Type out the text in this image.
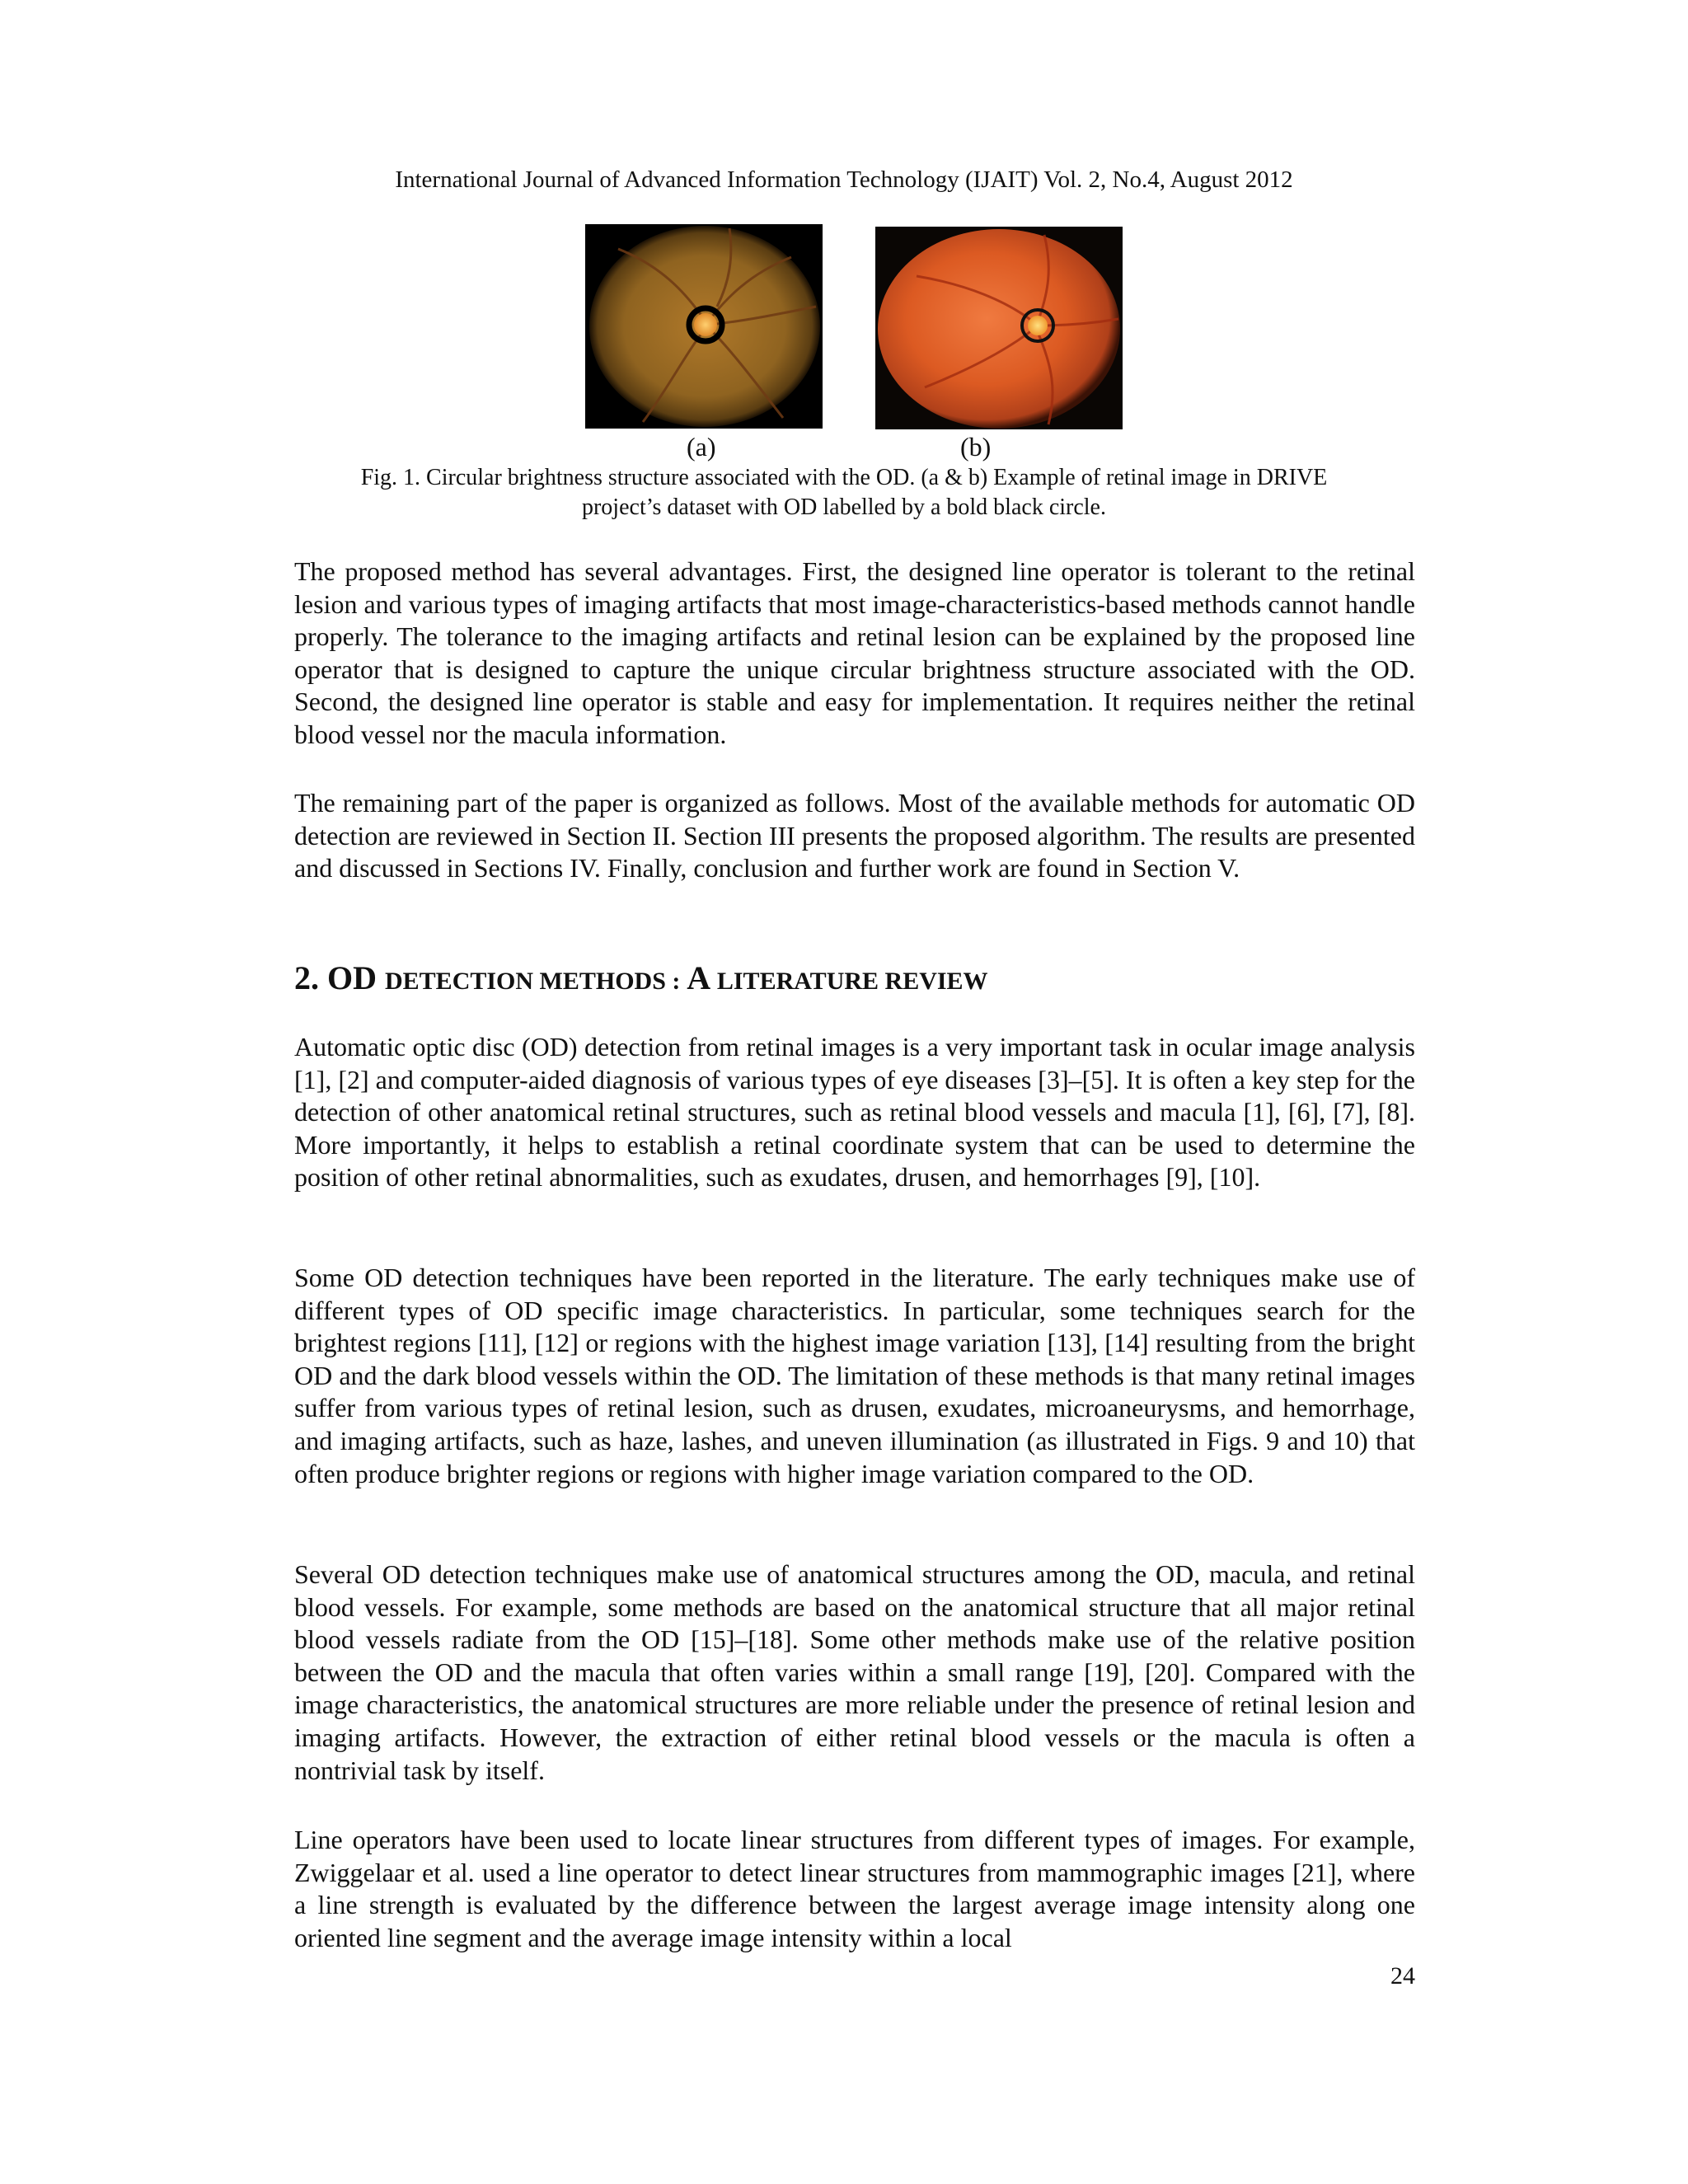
International Journal of Advanced Information Technology (IJAIT) Vol. 2, No.4, August 2012
(a)	(b)
Fig. 1. Circular brightness structure associated with the OD. (a & b) Example of retinal image in DRIVE
project’s dataset with OD labelled by a bold black circle.

The proposed method has several advantages. First, the designed line operator is tolerant to the retinal lesion and various types of imaging artifacts that most image-characteristics-based methods cannot handle properly. The tolerance to the imaging artifacts and retinal lesion can be explained by the proposed line operator that is designed to capture the unique circular brightness structure associated with the OD. Second, the designed line operator is stable and easy for implementation. It requires neither the retinal blood vessel nor the macula information.

The remaining part of the paper is organized as follows. Most of the available methods for automatic OD detection are reviewed in Section II. Section III presents the proposed algorithm. The results are presented and discussed in Sections IV. Finally, conclusion and further work are found in Section V.

2. OD DETECTION METHODS : A LITERATURE REVIEW

Automatic optic disc (OD) detection from retinal images is a very important task in ocular image analysis [1], [2] and computer-aided diagnosis of various types of eye diseases [3]–[5]. It is often a key step for the detection of other anatomical retinal structures, such as retinal blood vessels and macula [1], [6], [7], [8]. More importantly, it helps to establish a retinal coordinate system that can be used to determine the position of other retinal abnormalities, such as exudates, drusen, and hemorrhages [9], [10].

Some OD detection techniques have been reported in the literature. The early techniques make use of different types of OD specific image characteristics. In particular, some techniques search for the brightest regions [11], [12] or regions with the highest image variation [13], [14] resulting from the bright OD and the dark blood vessels within the OD. The limitation of these methods is that many retinal images suffer from various types of retinal lesion, such as drusen, exudates, microaneurysms, and hemorrhage, and imaging artifacts, such as haze, lashes, and uneven illumination (as illustrated in Figs. 9 and 10) that often produce brighter regions or regions with higher image variation compared to the OD.

Several OD detection techniques make use of anatomical structures among the OD, macula, and retinal blood vessels. For example, some methods are based on the anatomical structure that all major retinal blood vessels radiate from the OD [15]–[18]. Some other methods make use of the relative position between the OD and the macula that often varies within a small range [19], [20]. Compared with the image characteristics, the anatomical structures are more reliable under the presence of retinal lesion and imaging artifacts. However, the extraction of either retinal blood vessels or the macula is often a nontrivial task by itself.

Line operators have been used to locate linear structures from different types of images. For example, Zwiggelaar et al. used a line operator to detect linear structures from mammographic images [21], where a line strength is evaluated by the difference between the largest average image intensity along one oriented line segment and the average image intensity within a local

24
